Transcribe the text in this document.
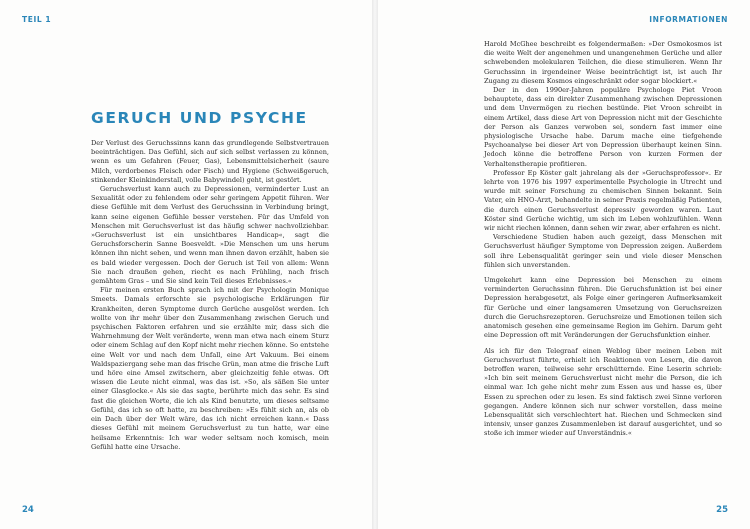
TEIL 1
GERUCH UND PSYCHE

Der Verlust des Geruchssinns kann das grundlegende Selbstvertrauen beeinträchtigen. Das Gefühl, sich auf sich selbst verlassen zu können, wenn es um Gefahren (Feuer, Gas), Lebensmittelsicherheit (saure Milch, verdorbenes Fleisch oder Fisch) und Hygiene (Schweißgeruch, stinkender Kleinkinderstall, volle Babywindel) geht, ist gestört.

Geruchsverlust kann auch zu Depressionen, verminderter Lust an Sexualität oder zu fehlendem oder sehr geringem Appetit führen. Wer diese Gefühle mit dem Verlust des Geruchssinn in Verbindung bringt, kann seine eigenen Gefühle besser verstehen. Für das Umfeld von Menschen mit Geruchsverlust ist das häufig schwer nachvollziehbar. »Geruchsverlust ist ein unsichtbares Handicap«, sagt die Geruchsforscherin Sanne Boesveldt. »Die Menschen um uns herum können ihn nicht sehen, und wenn man ihnen davon erzählt, haben sie es bald wieder vergessen. Doch der Geruch ist Teil von allem: Wenn Sie nach draußen gehen, riecht es nach Frühling, nach frisch gemähtem Gras – und Sie sind kein Teil dieses Erlebnisses.«

Für meinen ersten Buch sprach ich mit der Psychologin Monique Smeets. Damals erforschte sie psychologische Erklärungen für Krankheiten, deren Symptome durch Gerüche ausgelöst werden. Ich wollte von ihr mehr über den Zusammenhang zwischen Geruch und psychischen Faktoren erfahren und sie erzählte mir, dass sich die Wahrnehmung der Welt veränderte, wenn man etwa nach einem Sturz oder einem Schlag auf den Kopf nicht mehr riechen könne. So entstehe eine Welt vor und nach dem Unfall, eine Art Vakuum. Bei einem Waldspaziergang sehe man das frische Grün, man atme die frische Luft und höre eine Amsel zwitschern, aber gleichzeitig fehle etwas. Oft wissen die Leute nicht einmal, was das ist. »So, als säßen Sie unter einer Glasglocke.« Als sie das sagte, berührte mich das sehr. Es sind fast die gleichen Worte, die ich als Kind benutzte, um dieses seltsame Gefühl, das ich so oft hatte, zu beschreiben: »Es fühlt sich an, als ob ein Dach über der Welt wäre, das ich nicht erreichen kann.« Dass dieses Gefühl mit meinem Geruchsverlust zu tun hatte, war eine heilsame Erkenntnis: Ich war weder seltsam noch komisch, mein Gefühl hatte eine Ursache.

24
INFORMATIONEN

Harold McGhee beschreibt es folgendermaßen: »Der Osmokosmos ist die weite Welt der angenehmen und unangenehmen Gerüche und aller schwebenden molekularen Teilchen, die diese stimulieren. Wenn Ihr Geruchssinn in irgendeiner Weise beeinträchtigt ist, ist auch Ihr Zugang zu diesem Kosmos eingeschränkt oder sogar blockiert.«

Der in den 1990er-Jahren populäre Psychologe Piet Vroon behauptete, dass ein direkter Zusammenhang zwischen Depressionen und dem Unvermögen zu riechen bestünde. Piet Vroon schreibt in einem Artikel, dass diese Art von Depression nicht mit der Geschichte der Person als Ganzes verwoben sei, sondern fast immer eine physiologische Ursache habe. Darum mache eine tiefgehende Psychoanalyse bei dieser Art von Depression überhaupt keinen Sinn. Jedoch könne die betroffene Person von kurzen Formen der Verhaltenstherapie profitieren.

Professor Ep Köster galt jahrelang als der »Geruchsprofessor«. Er lehrte von 1976 bis 1997 experimentelle Psychologie in Utrecht und wurde mit seiner Forschung zu chemischen Sinnen bekannt. Sein Vater, ein HNO-Arzt, behandelte in seiner Praxis regelmäßig Patienten, die durch einen Geruchsverlust depressiv geworden waren. Laut Köster sind Gerüche wichtig, um sich im Leben wohlzufühlen. Wenn wir nicht riechen können, dann sehen wir zwar, aber erfahren es nicht.

Verschiedene Studien haben auch gezeigt, dass Menschen mit Geruchsverlust häufiger Symptome von Depression zeigen. Außerdem soll ihre Lebensqualität geringer sein und viele dieser Menschen fühlen sich unverstanden.

Umgekehrt kann eine Depression bei Menschen zu einem verminderten Geruchssinn führen. Die Geruchsfunktion ist bei einer Depression herabgesetzt, als Folge einer geringeren Aufmerksamkeit für Gerüche und einer langsameren Umsetzung von Geruchsreizen durch die Geruchsrezeptoren. Geruchsreize und Emotionen teilen sich anatomisch gesehen eine gemeinsame Region im Gehirn. Darum geht eine Depression oft mit Veränderungen der Geruchsfunktion einher.

Als ich für den Telegraaf einen Weblog über meinen Leben mit Geruchsverlust führte, erhielt ich Reaktionen von Lesern, die davon betroffen waren, teilweise sehr erschütternde. Eine Leserin schrieb: »Ich bin seit meinem Geruchsverlust nicht mehr die Person, die ich einmal war. Ich gehe nicht mehr zum Essen aus und hasse es, über Essen zu sprechen oder zu lesen. Es sind faktisch zwei Sinne verloren gegangen. Andere können sich nur schwer vorstellen, dass meine Lebensqualität sich verschlechtert hat. Riechen und Schmecken sind intensiv, unser ganzes Zusammenleben ist darauf ausgerichtet, und so stoße ich immer wieder auf Unverständnis.«

25
